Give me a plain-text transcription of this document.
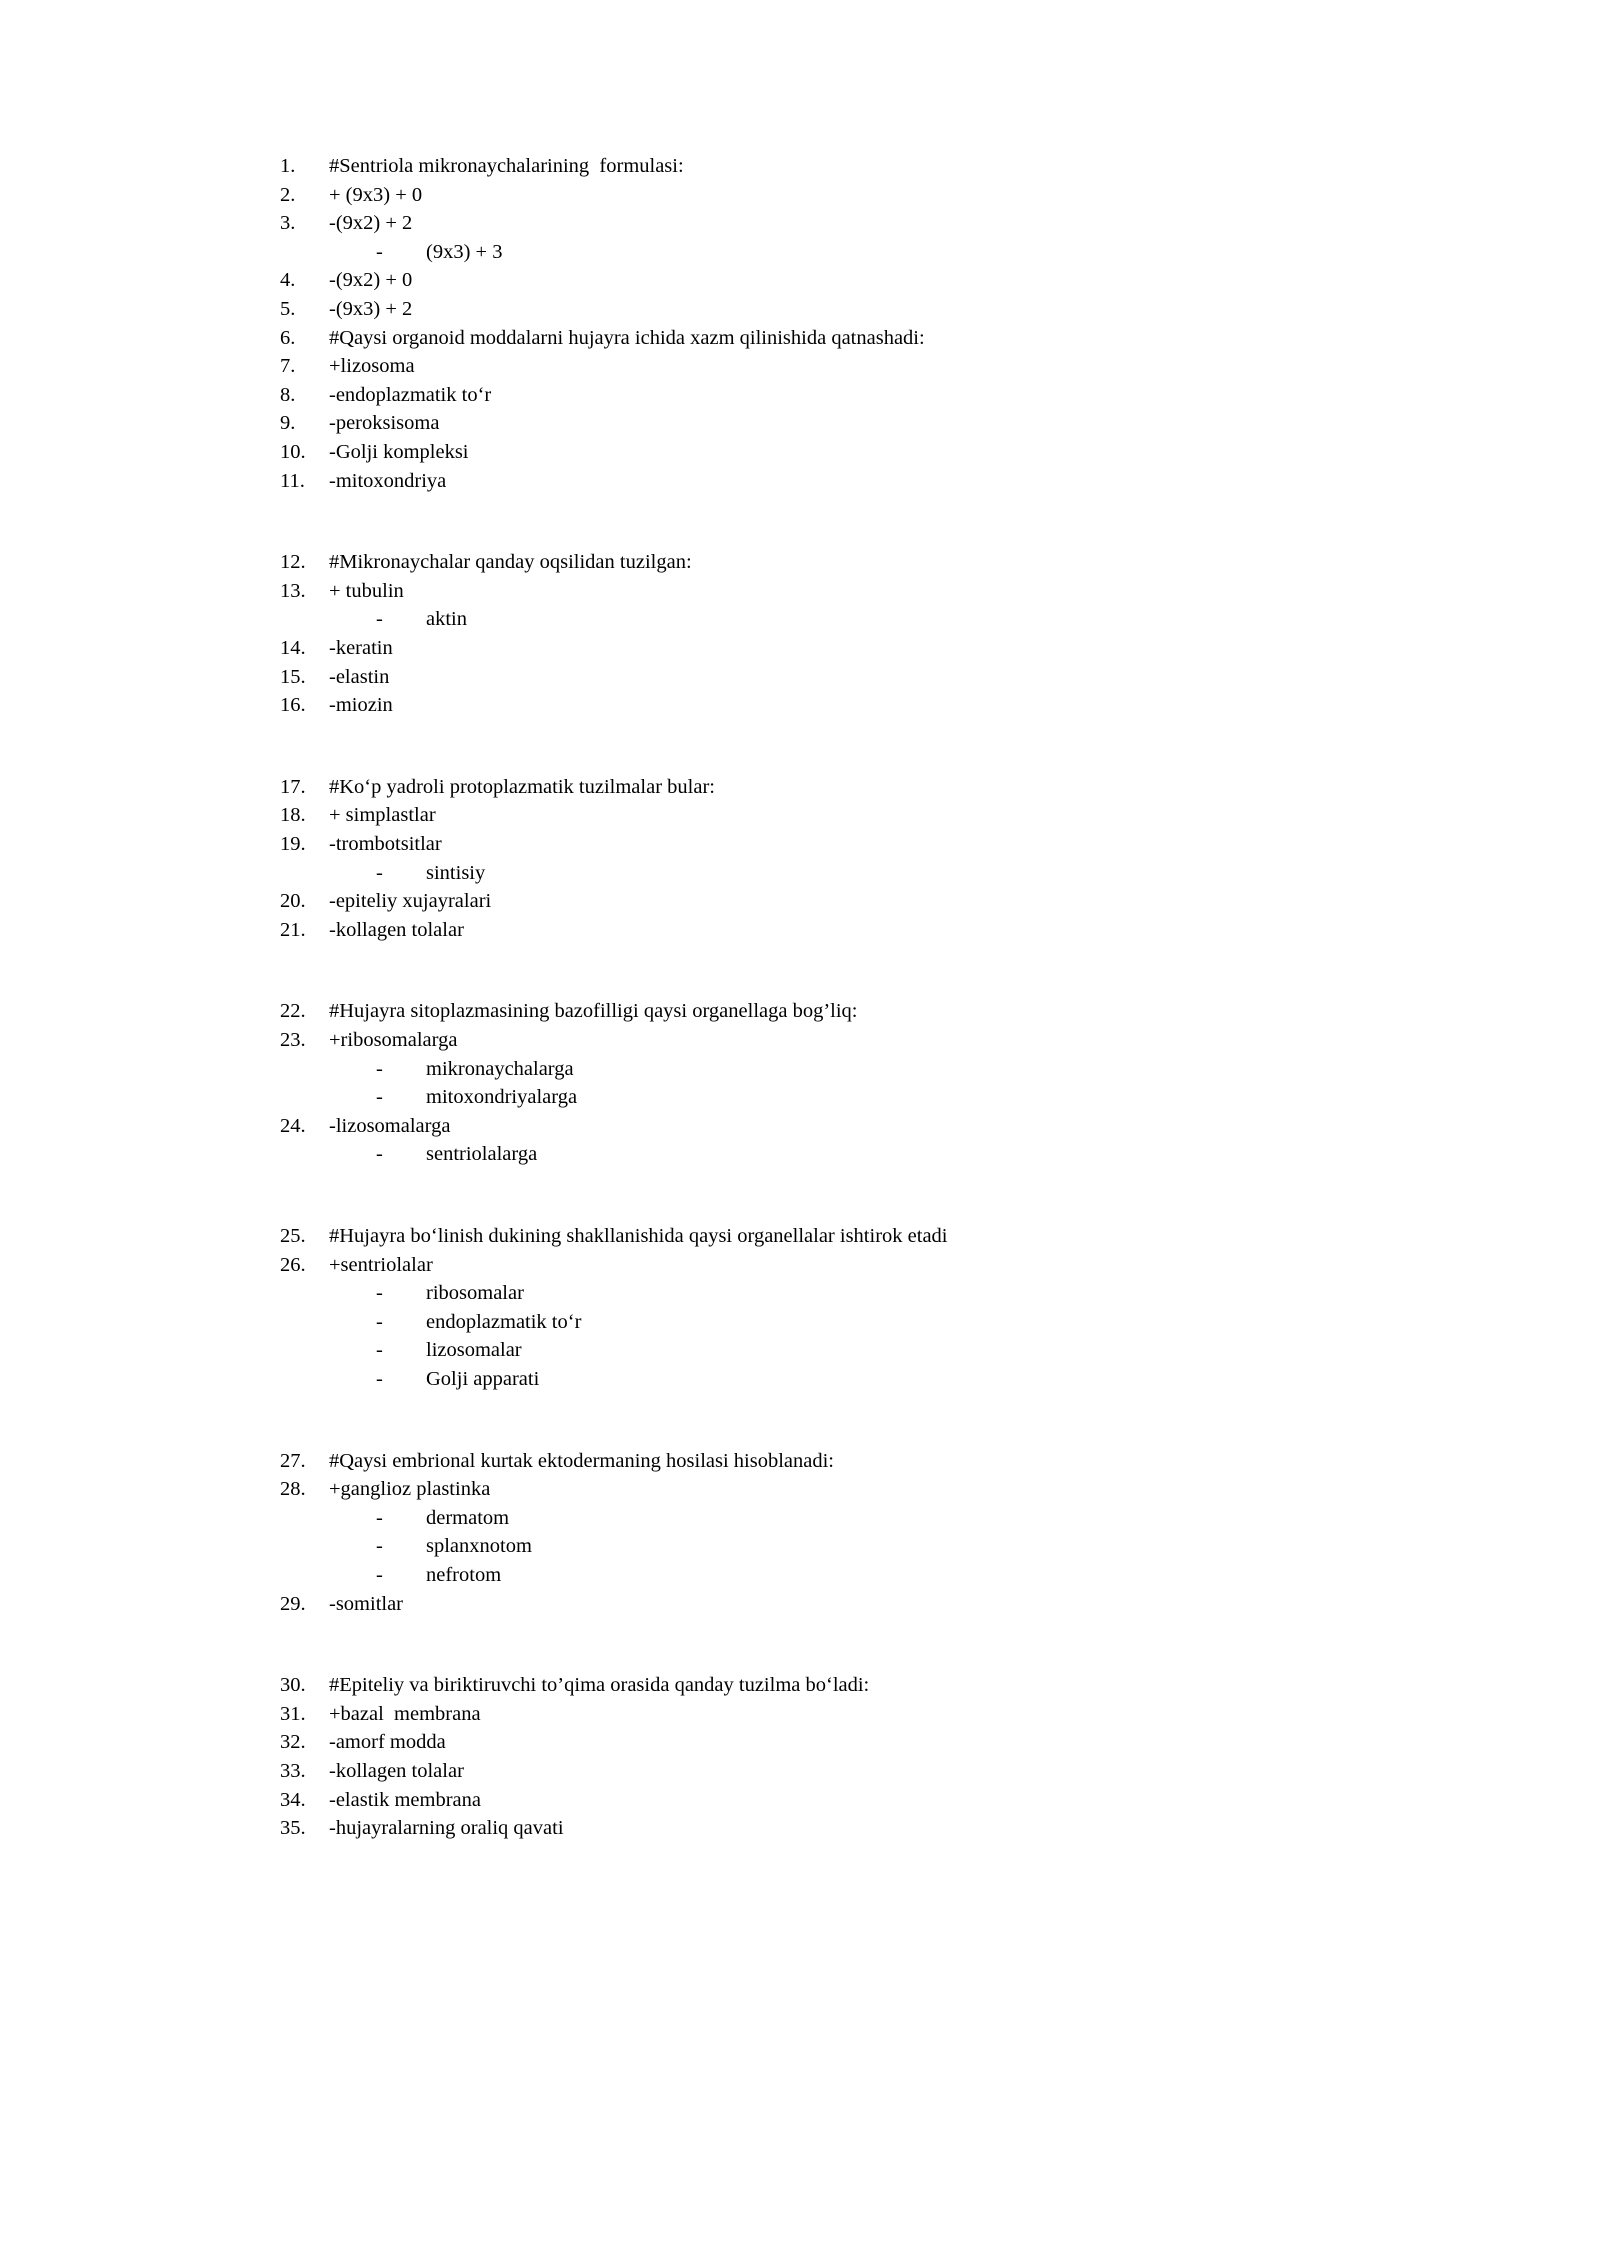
1. #Sentriola mikronaychalarining  formulasi:
2. + (9x3) + 0
3. -(9x2) + 2
- (9x3) + 3
4. -(9x2) + 0
5. -(9x3) + 2
6. #Qaysi organoid moddalarni hujayra ichida xazm qilinishida qatnashadi:
7. +lizosoma
8. -endoplazmatik to‘r
9. -peroksisoma
10. -Golji kompleksi
11. -mitoxondriya
12. #Mikronaychalar qanday oqsilidan tuzilgan:
13. + tubulin
- aktin
14. -keratin
15. -elastin
16. -miozin
17. #Ko‘p yadroli protoplazmatik tuzilmalar bular:
18. + simplastlar
19. -trombotsitlar
- sintisiy
20. -epiteliy xujayralari
21. -kollagen tolalar
22. #Hujayra sitoplazmasining bazofilligi qaysi organellaga bog’liq:
23. +ribosomalarga
- mikronaychalarga
- mitoxondriyalarga
24. -lizosomalarga
- sentriolalarga
25. #Hujayra bo‘linish dukining shakllanishida qaysi organellalar ishtirok etadi
26. +sentriolalar
- ribosomalar
- endoplazmatik to‘r
- lizosomalar
- Golji apparati
27. #Qaysi embrional kurtak ektodermaning hosilasi hisoblanadi:
28. +ganglioz plastinka
- dermatom
- splanxnotom
- nefrotom
29. -somitlar
30. #Epiteliy va biriktiruvchi to’qima orasida qanday tuzilma bo‘ladi:
31. +bazal  membrana
32. -amorf modda
33. -kollagen tolalar
34. -elastik membrana
35. -hujayralarning oraliq qavati
